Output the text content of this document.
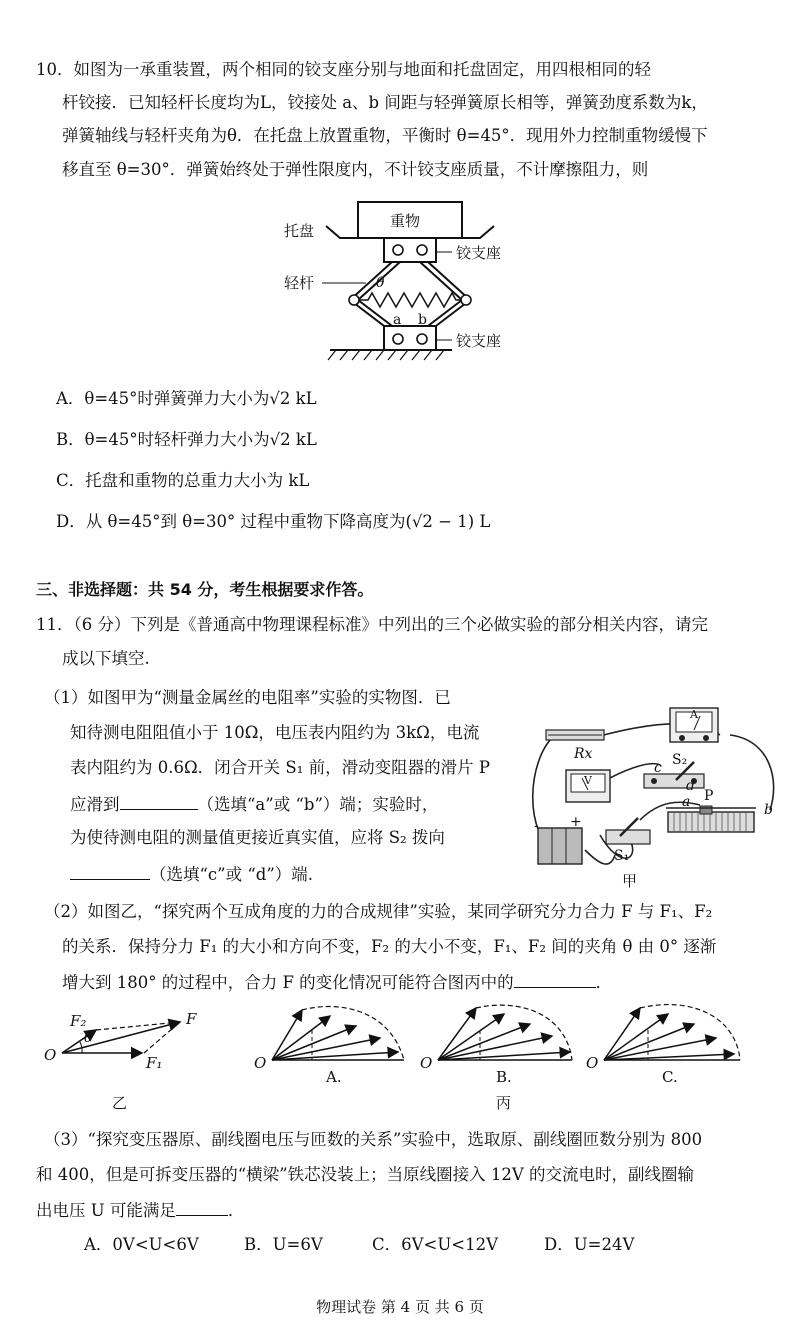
10．如图为一承重装置，两个相同的铰支座分别与地面和托盘固定，用四根相同的轻
杆铰接．已知轻杆长度均为L，铰接处 a、b 间距与轻弹簧原长相等，弹簧劲度系数为k，
弹簧轴线与轻杆夹角为θ．在托盘上放置重物，平衡时 θ=45°．现用外力控制重物缓慢下
移直至 θ=30°．弹簧始终处于弹性限度内，不计铰支座质量，不计摩擦阻力，则
重物
托盘
轻杆
铰支座
铰支座
θ
a b
A．θ=45°时弹簧弹力大小为√2 kL
B．θ=45°时轻杆弹力大小为√2 kL
C．托盘和重物的总重力大小为 kL
D．从 θ=45°到 θ=30° 过程中重物下降高度为(√2 − 1) L
三、非选择题：共 54 分，考生根据要求作答。
11．（6 分）下列是《普通高中物理课程标准》中列出的三个必做实验的部分相关内容，请完
成以下填空.
（1）如图甲为“测量金属丝的电阻率”实验的实物图．已
知待测电阻阻值小于 10Ω，电压表内阻约为 3kΩ，电流
表内阻约为 0.6Ω．闭合开关 S₁ 前，滑动变阻器的滑片 P
应滑到	（选填“a”或 “b”）端；实验时，
为使待测电阻的测量值更接近真实值，应将 S₂ 拨向
（选填“c”或 “d”）端.
Rx
A
V
S₂
c
d
a P
b
+
-
S₁
甲
（2）如图乙，“探究两个互成角度的力的合成规律”实验，某同学研究分力合力 F 与 F₁、F₂
的关系．保持分力 F₁ 的大小和方向不变，F₂ 的大小不变，F₁、F₂ 间的夹角 θ 由 0° 逐渐
增大到 180° 的过程中，合力 F 的变化情况可能符合图丙中的	．
F₂	F
F₁
θ
O
乙
O
A.
O
B.
O
C.
丙
（3）“探究变压器原、副线圈电压与匝数的关系”实验中，选取原、副线圈匝数分别为 800
和 400，但是可拆变压器的“横梁”铁芯没装上；当原线圈接入 12V 的交流电时，副线圈输
出电压 U 可能满足	．
A．0V<U<6V	B．U=6V	C．6V<U<12V	D．U=24V
物理试卷 第 4 页 共 6 页
